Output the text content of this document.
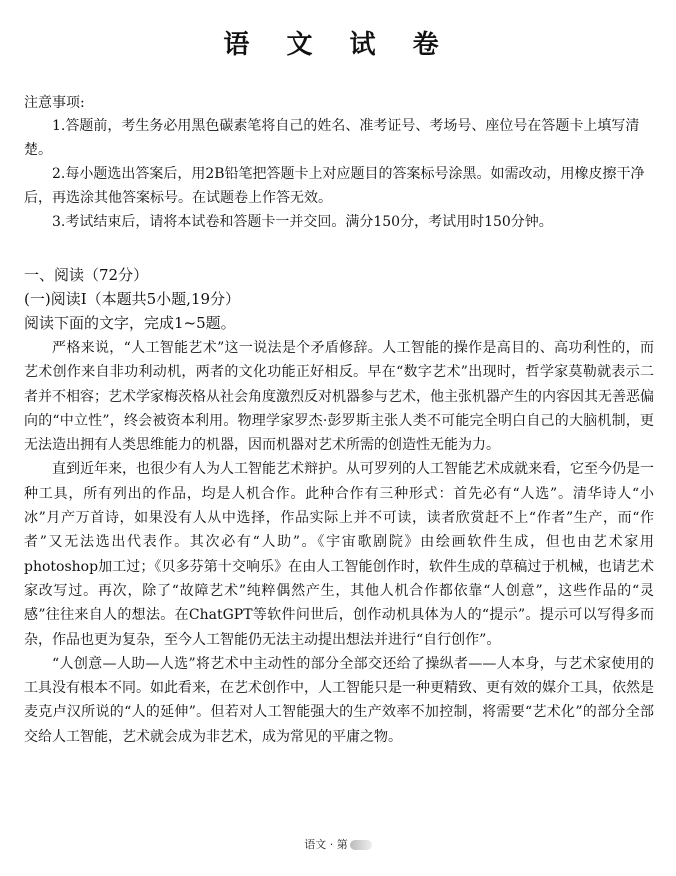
语 文 试 卷
注意事项:

1.答题前，考生务必用黑色碳素笔将自己的姓名、准考证号、考场号、座位号在答题卡上填写清楚。

2.每小题选出答案后，用2B铅笔把答题卡上对应题目的答案标号涂黑。如需改动，用橡皮擦干净后，再选涂其他答案标号。在试题卷上作答无效。

3.考试结束后，请将本试卷和答题卡一并交回。满分150分，考试用时150分钟。

一、阅读（72分）
(一)阅读Ⅰ（本题共5小题,19分）
阅读下面的文字，完成1~5题。

严格来说，“人工智能艺术”这一说法是个矛盾修辞。人工智能的操作是高目的、高功利性的，而艺术创作来自非功利动机，两者的文化功能正好相反。早在“数字艺术”出现时，哲学家莫勒就表示二者并不相容；艺术学家梅茨格从社会角度激烈反对机器参与艺术，他主张机器产生的内容因其无善恶偏向的“中立性”，终会被资本利用。物理学家罗杰·彭罗斯主张人类不可能完全明白自己的大脑机制，更无法造出拥有人类思维能力的机器，因而机器对艺术所需的创造性无能为力。

直到近年来，也很少有人为人工智能艺术辩护。从可罗列的人工智能艺术成就来看，它至今仍是一种工具，所有列出的作品，均是人机合作。此种合作有三种形式：首先必有“人选”。清华诗人“小冰”月产万首诗，如果没有人从中选择，作品实际上并不可读，读者欣赏赶不上“作者”生产，而“作者”又无法选出代表作。其次必有“人助”。《宇宙歌剧院》由绘画软件生成，但也由艺术家用photoshop加工过；《贝多芬第十交响乐》在由人工智能创作时，软件生成的草稿过于机械，也请艺术家改写过。再次，除了“故障艺术”纯粹偶然产生，其他人机合作都依靠“人创意”，这些作品的“灵感”往往来自人的想法。在ChatGPT等软件问世后，创作动机具体为人的“提示”。提示可以写得多而杂，作品也更为复杂，至今人工智能仍无法主动提出想法并进行“自行创作”。

“人创意—人助—人选”将艺术中主动性的部分全部交还给了操纵者——人本身，与艺术家使用的工具没有根本不同。如此看来，在艺术创作中，人工智能只是一种更精致、更有效的媒介工具，依然是麦克卢汉所说的“人的延伸”。但若对人工智能强大的生产效率不加控制，将需要“艺术化”的部分全部交给人工智能，艺术就会成为非艺术，成为常见的平庸之物。

语文 · 第
